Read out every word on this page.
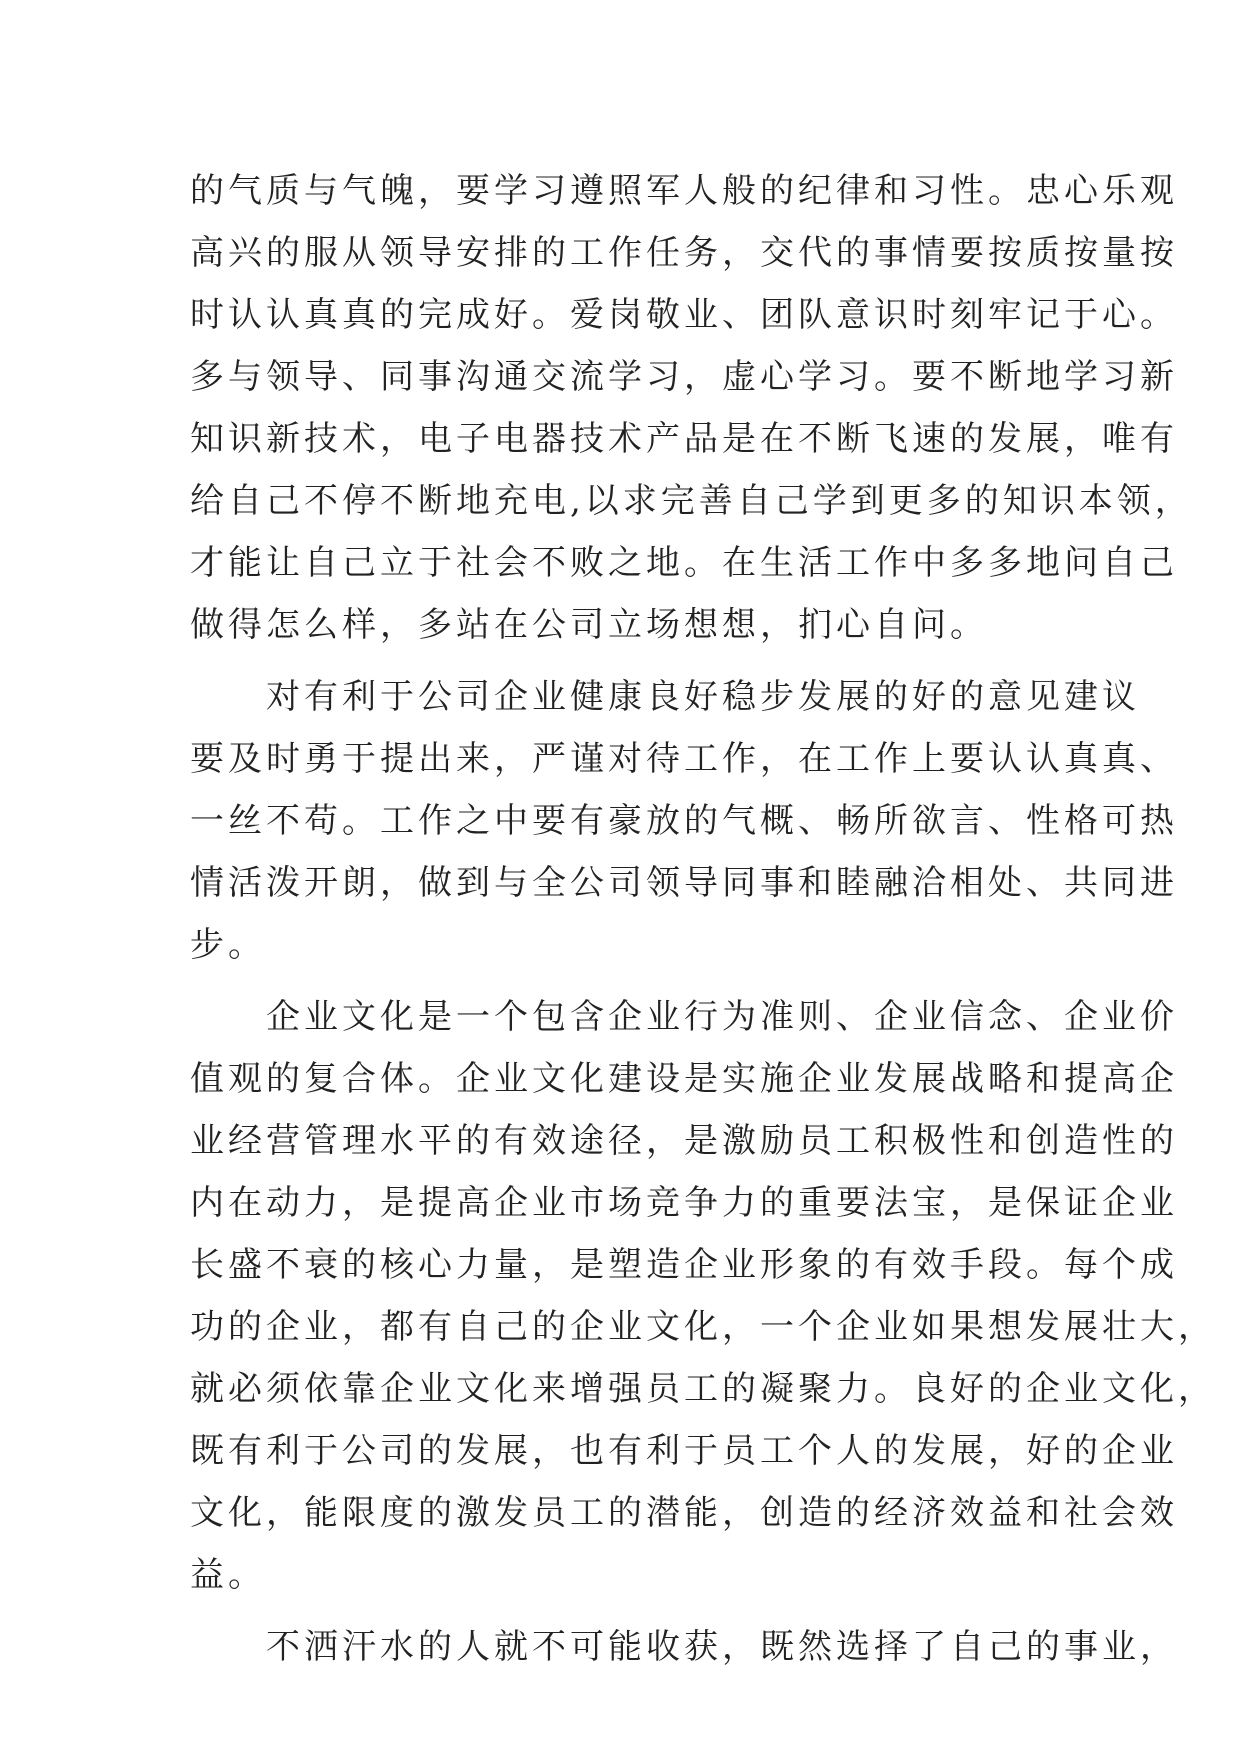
的气质与气魄，要学习遵照军人般的纪律和习性。忠心乐观
高兴的服从领导安排的工作任务，交代的事情要按质按量按
时认认真真的完成好。爱岗敬业、团队意识时刻牢记于心。
多与领导、同事沟通交流学习，虚心学习。要不断地学习新
知识新技术，电子电器技术产品是在不断飞速的发展，唯有
给自己不停不断地充电,以求完善自己学到更多的知识本领，
才能让自己立于社会不败之地。在生活工作中多多地问自己
做得怎么样，多站在公司立场想想，扪心自问。
　　对有利于公司企业健康良好稳步发展的好的意见建议
要及时勇于提出来，严谨对待工作，在工作上要认认真真、
一丝不苟。工作之中要有豪放的气概、畅所欲言、性格可热
情活泼开朗，做到与全公司领导同事和睦融洽相处、共同进
步。
　　企业文化是一个包含企业行为准则、企业信念、企业价
值观的复合体。企业文化建设是实施企业发展战略和提高企
业经营管理水平的有效途径，是激励员工积极性和创造性的
内在动力，是提高企业市场竞争力的重要法宝，是保证企业
长盛不衰的核心力量，是塑造企业形象的有效手段。每个成
功的企业，都有自己的企业文化，一个企业如果想发展壮大，
就必须依靠企业文化来增强员工的凝聚力。良好的企业文化，
既有利于公司的发展，也有利于员工个人的发展，好的企业
文化，能限度的激发员工的潜能，创造的经济效益和社会效
益。
　　不洒汗水的人就不可能收获，既然选择了自己的事业，
